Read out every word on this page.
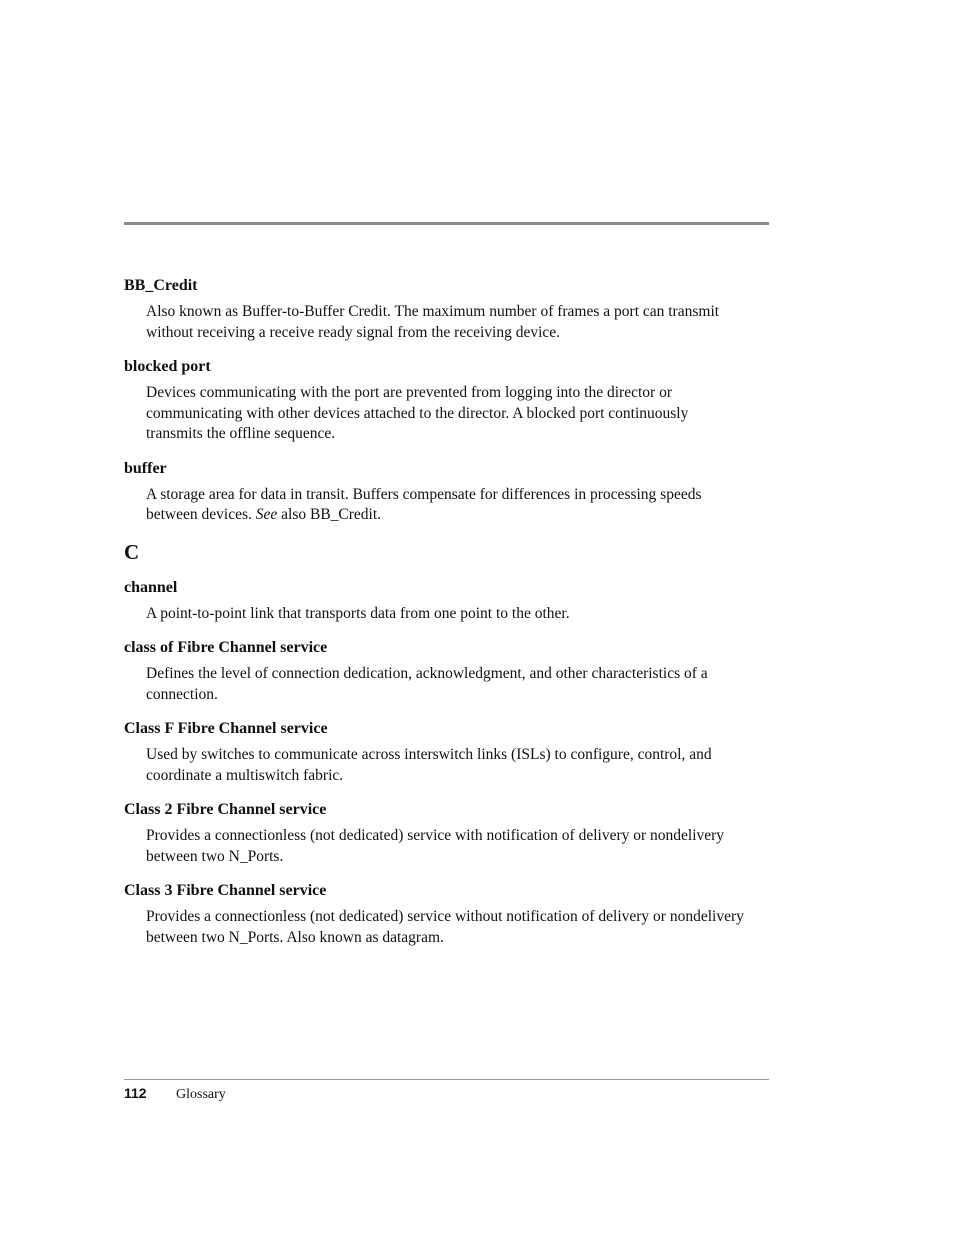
BB_Credit
Also known as Buffer-to-Buffer Credit. The maximum number of frames a port can transmit without receiving a receive ready signal from the receiving device.
blocked port
Devices communicating with the port are prevented from logging into the director or communicating with other devices attached to the director. A blocked port continuously transmits the offline sequence.
buffer
A storage area for data in transit. Buffers compensate for differences in processing speeds between devices. See also BB_Credit.
C
channel
A point-to-point link that transports data from one point to the other.
class of Fibre Channel service
Defines the level of connection dedication, acknowledgment, and other characteristics of a connection.
Class F Fibre Channel service
Used by switches to communicate across interswitch links (ISLs) to configure, control, and coordinate a multiswitch fabric.
Class 2 Fibre Channel service
Provides a connectionless (not dedicated) service with notification of delivery or nondelivery between two N_Ports.
Class 3 Fibre Channel service
Provides a connectionless (not dedicated) service without notification of delivery or nondelivery between two N_Ports. Also known as datagram.
112 Glossary
